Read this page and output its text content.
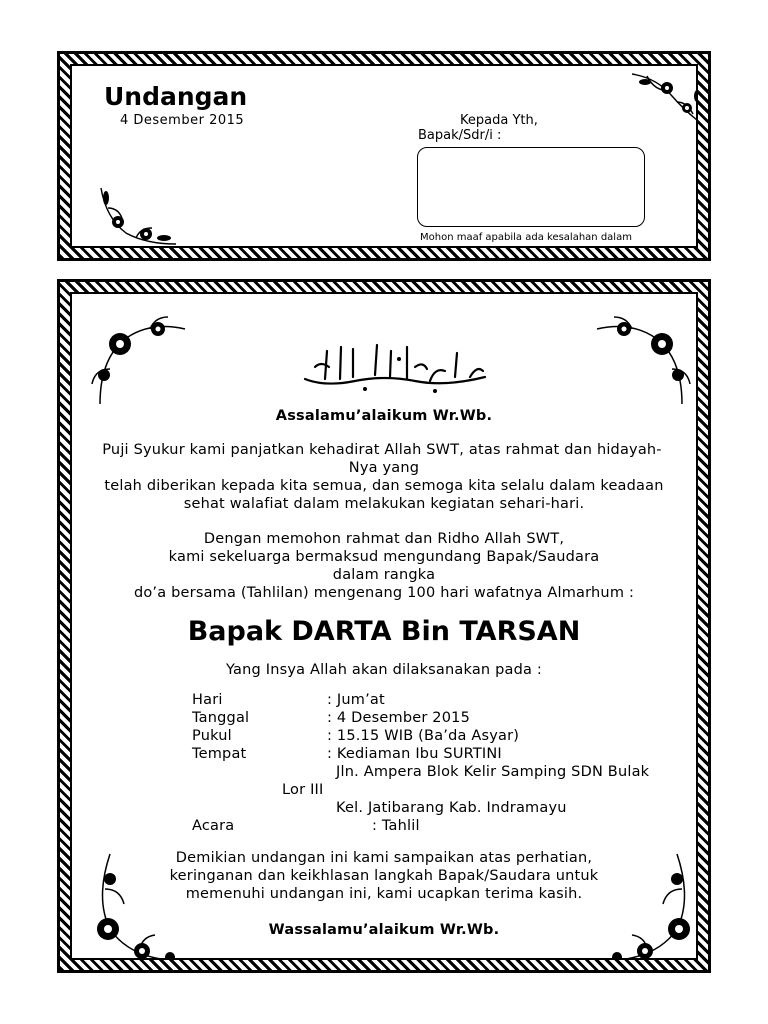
Undangan
4 Desember 2015	Kepada Yth,
Bapak/Sdr/i :
Mohon maaf apabila ada kesalahan dalam
Assalamu’alaikum Wr.Wb.
Puji Syukur kami panjatkan kehadirat Allah SWT, atas rahmat dan hidayah-
Nya yang
telah diberikan kepada kita semua, dan semoga kita selalu dalam keadaan
sehat walafiat dalam melakukan kegiatan sehari-hari.
Dengan memohon rahmat dan Ridho Allah SWT,
kami sekeluarga bermaksud mengundang Bapak/Saudara
dalam rangka
do’a bersama (Tahlilan) mengenang 100 hari wafatnya Almarhum :
Bapak DARTA Bin TARSAN
Yang Insya Allah akan dilaksanakan pada :
Hari	: Jum’at
Tanggal	: 4 Desember 2015
Pukul	: 15.15 WIB (Ba’da Asyar)
Tempat	: Kediaman Ibu SURTINI
Jln. Ampera Blok Kelir Samping SDN Bulak
Lor III
Kel. Jatibarang Kab. Indramayu
Acara	: Tahlil
Demikian undangan ini kami sampaikan atas perhatian,
keringanan dan keikhlasan langkah Bapak/Saudara untuk
memenuhi undangan ini, kami ucapkan terima kasih.
Wassalamu’alaikum Wr.Wb.
